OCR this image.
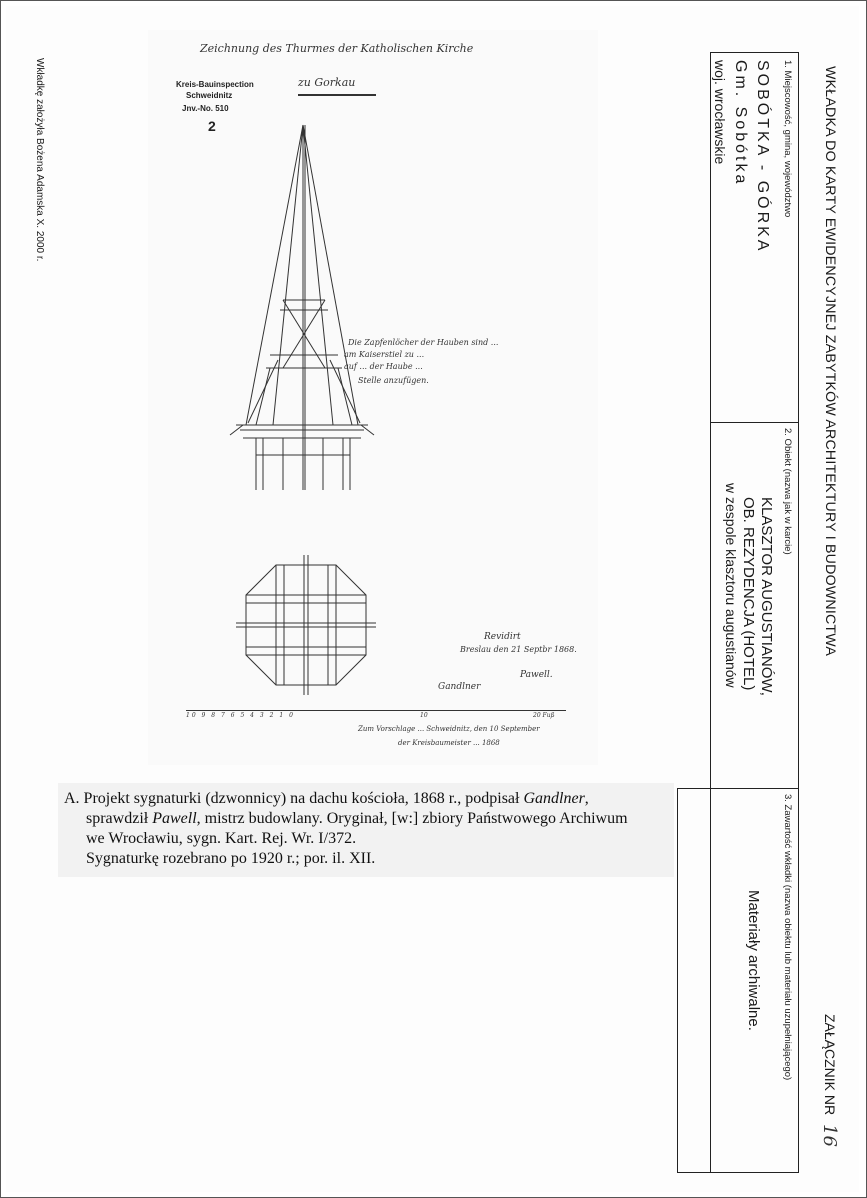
Wkładkę założyła Bożena Adamska X. 2000 r.	WKŁADKA DO KARTY EWIDENCYJNEJ ZABYTKÓW ARCHITEKTURY I BUDOWNICTWA
ZAŁĄCZNIK NR
16
1. Miejscowość, gmina, województwo
SOBÓTKA - GÓRKA
Gm. Sobótka
woj. wrocławskie
2. Obiekt (nazwa jak w karcie)
KLASZTOR AUGUSTIANÓW,
OB. REZYDENCJA (HOTEL)
w zespole klasztoru augustianów
3. Zawartość wkładki (nazwa obiektu lub materiału uzupełniającego)
Materiały archiwalne.
Zeichnung des Thurmes der Katholischen Kirche
zu Gorkau
Kreis-Bauinspection
Schweidnitz
Jnv.-No. 510
2
Die Zapfenlöcher der Hauben sind ...
am Kaiserstiel zu ...
auf ... der Haube ...
Stelle anzufügen.
Revidirt
Breslau den 21 Septbr 1868.
Pawell.
Gandlner
10 9 8 7 6 5 4 3 2 1 0	10	20 Fuß
Zum Vorschlage ... Schweidnitz, den 10 September
der Kreisbaumeister ... 1868

A. Projekt sygnaturki (dzwonnicy) na dachu kościoła, 1868 r., podpisał Gandlner,

sprawdził Pawell, mistrz budowlany. Oryginał, [w:] zbiory Państwowego Archiwum

we Wrocławiu, sygn. Kart. Rej. Wr. I/372.

Sygnaturkę rozebrano po 1920 r.; por. il. XII.
